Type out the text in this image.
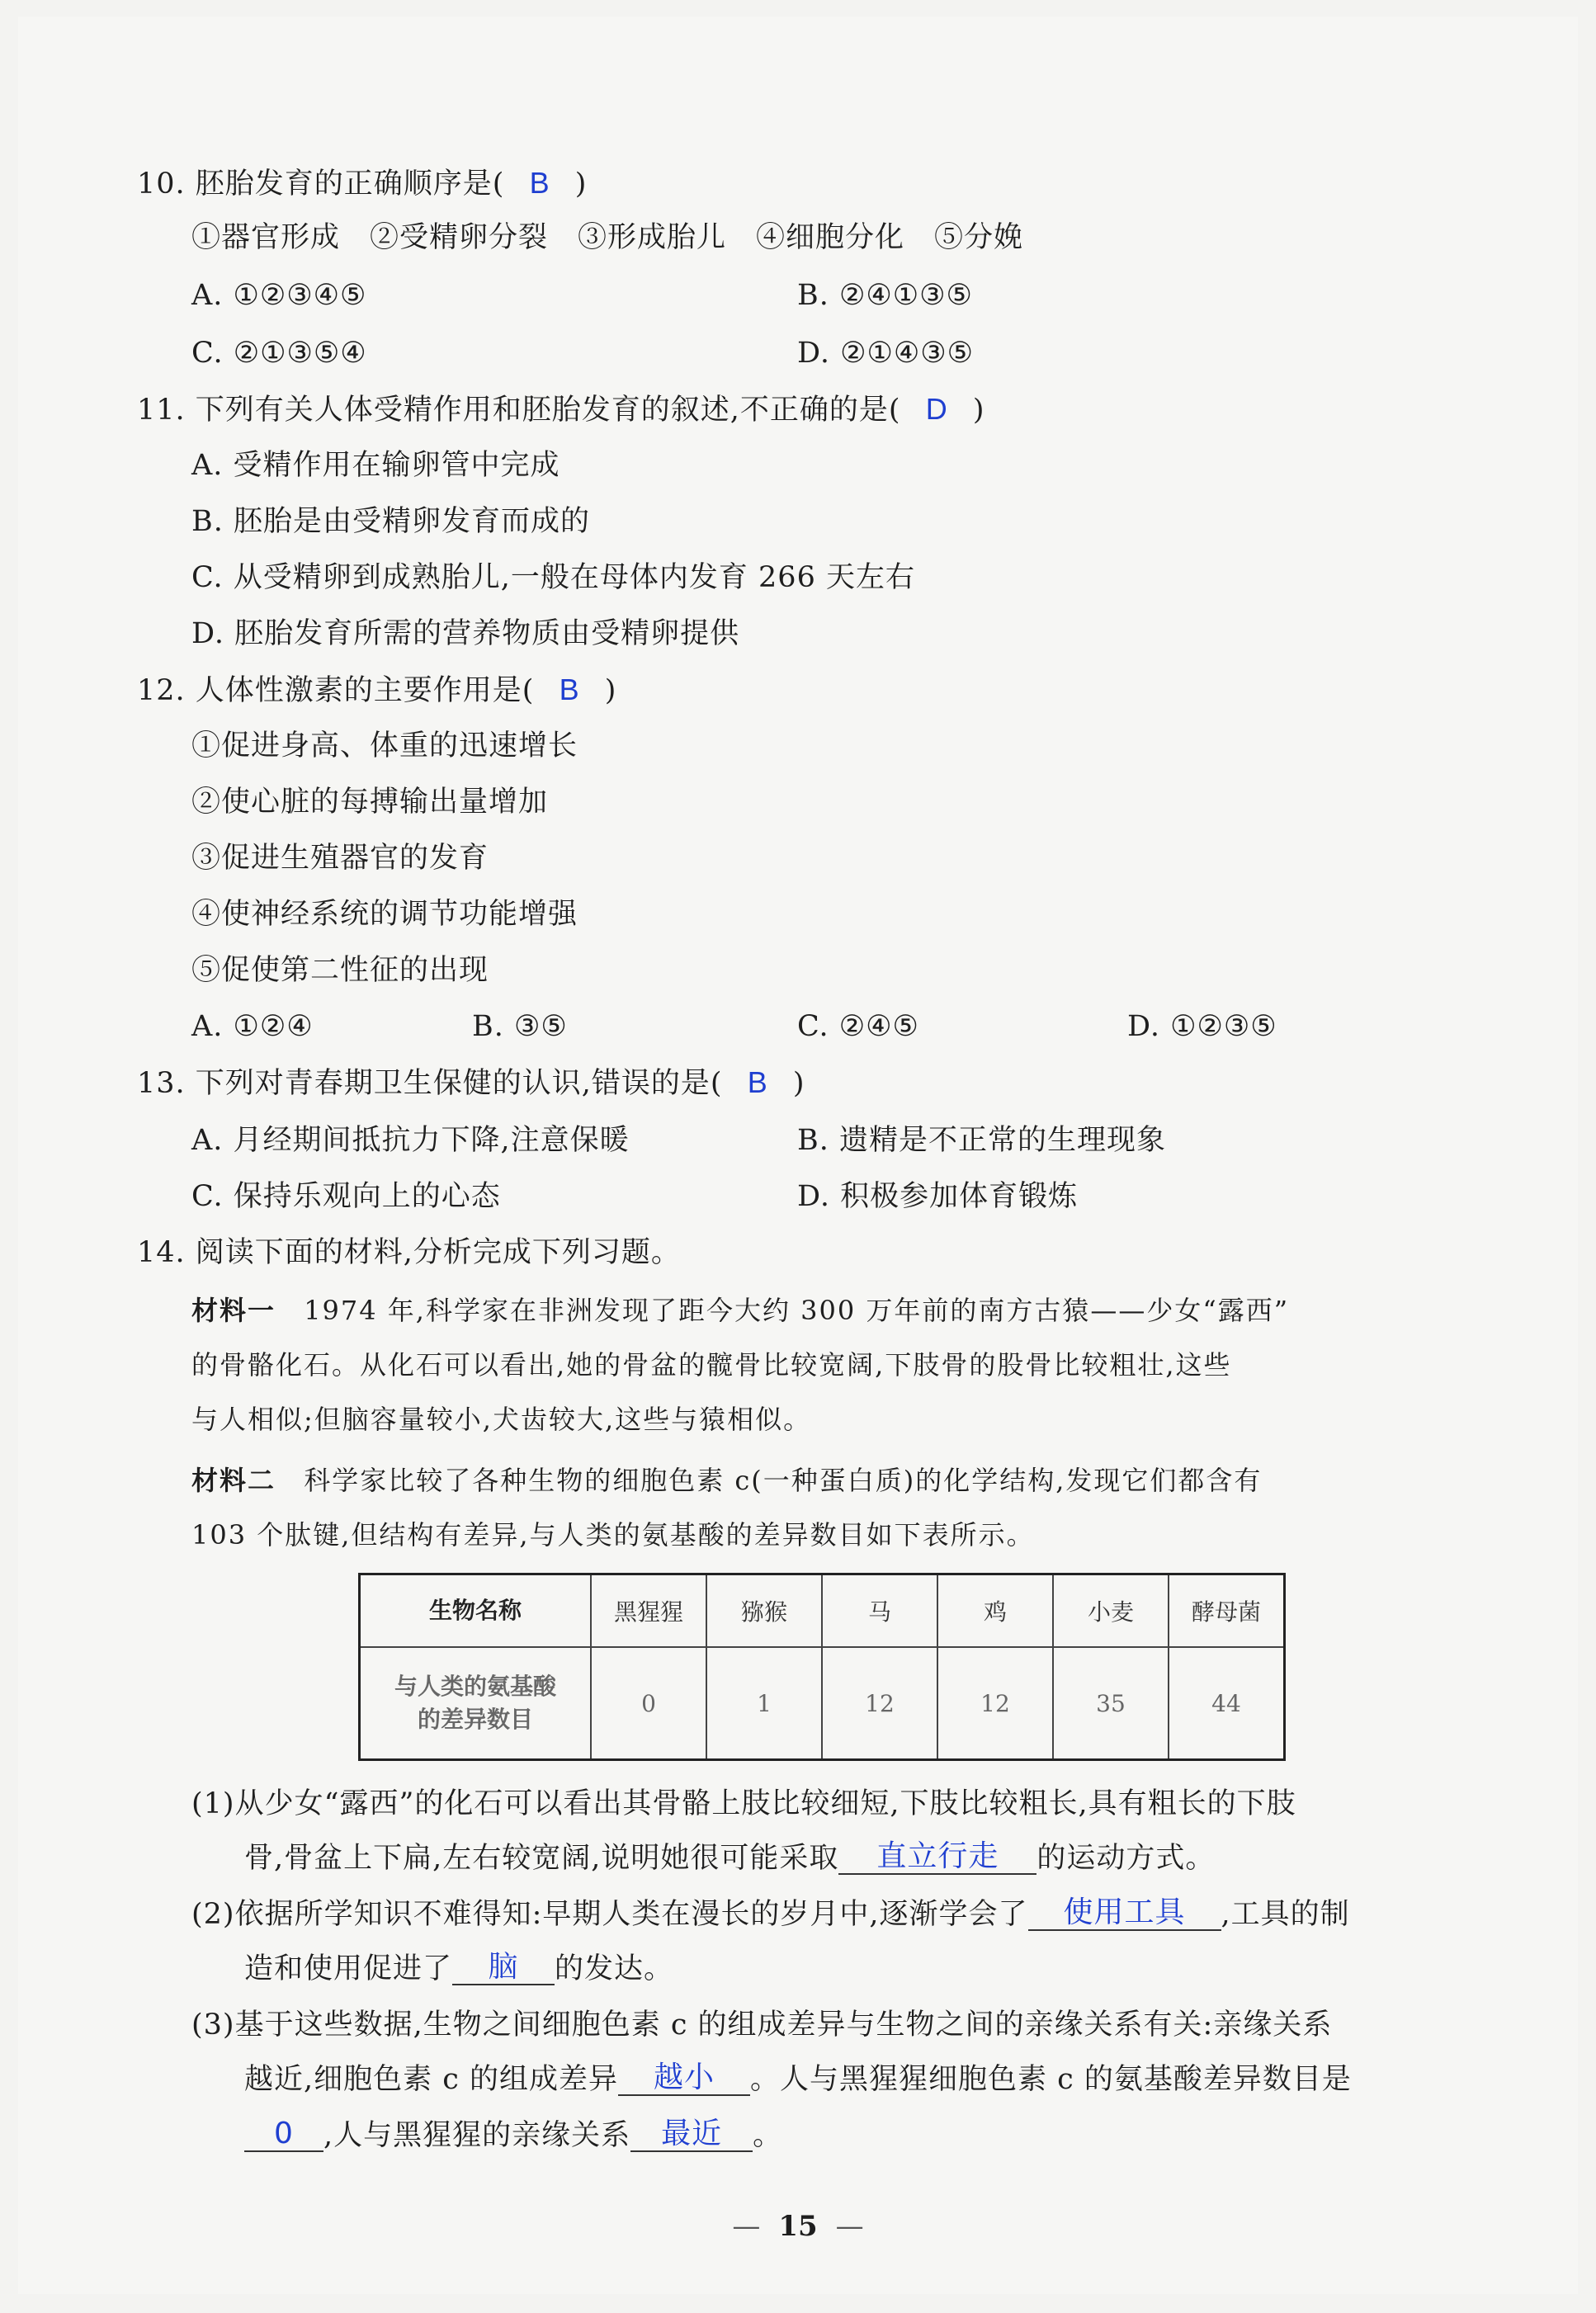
10. 胚胎发育的正确顺序是( B )
①器官形成　②受精卵分裂　③形成胎儿　④细胞分化　⑤分娩
A. ①②③④⑤	B. ②④①③⑤
C. ②①③⑤④	D. ②①④③⑤
11. 下列有关人体受精作用和胚胎发育的叙述,不正确的是( D )
A. 受精作用在输卵管中完成
B. 胚胎是由受精卵发育而成的
C. 从受精卵到成熟胎儿,一般在母体内发育 266 天左右
D. 胚胎发育所需的营养物质由受精卵提供
12. 人体性激素的主要作用是( B )
①促进身高、体重的迅速增长
②使心脏的每搏输出量增加
③促进生殖器官的发育
④使神经系统的调节功能增强
⑤促使第二性征的出现
A. ①②④	B. ③⑤	C. ②④⑤	D. ①②③⑤
13. 下列对青春期卫生保健的认识,错误的是( B )
A. 月经期间抵抗力下降,注意保暖	B. 遗精是不正常的生理现象
C. 保持乐观向上的心态	D. 积极参加体育锻炼
14. 阅读下面的材料,分析完成下列习题。
材料一 1974 年,科学家在非洲发现了距今大约 300 万年前的南方古猿——少女“露西”
的骨骼化石。从化石可以看出,她的骨盆的髋骨比较宽阔,下肢骨的股骨比较粗壮,这些
与人相似;但脑容量较小,犬齿较大,这些与猿相似。
材料二 科学家比较了各种生物的细胞色素 c(一种蛋白质)的化学结构,发现它们都含有
103 个肽键,但结构有差异,与人类的氨基酸的差异数目如下表所示。
生物名称	黑猩猩	猕猴	马	鸡	小麦	酵母菌

与人类的氨基酸
的差异数目	0	1	12	12	35	44
(1)从少女“露西”的化石可以看出其骨骼上肢比较细短,下肢比较粗长,具有粗长的下肢
骨,骨盆上下扁,左右较宽阔,说明她很可能采取 直立行走 的运动方式。
(2)依据所学知识不难得知:早期人类在漫长的岁月中,逐渐学会了 使用工具 ,工具的制
造和使用促进了 脑 的发达。
(3)基于这些数据,生物之间细胞色素 c 的组成差异与生物之间的亲缘关系有关:亲缘关系
越近,细胞色素 c 的组成差异 越小 。人与黑猩猩细胞色素 c 的氨基酸差异数目是
0 ,人与黑猩猩的亲缘关系 最近 。
— 15 —
